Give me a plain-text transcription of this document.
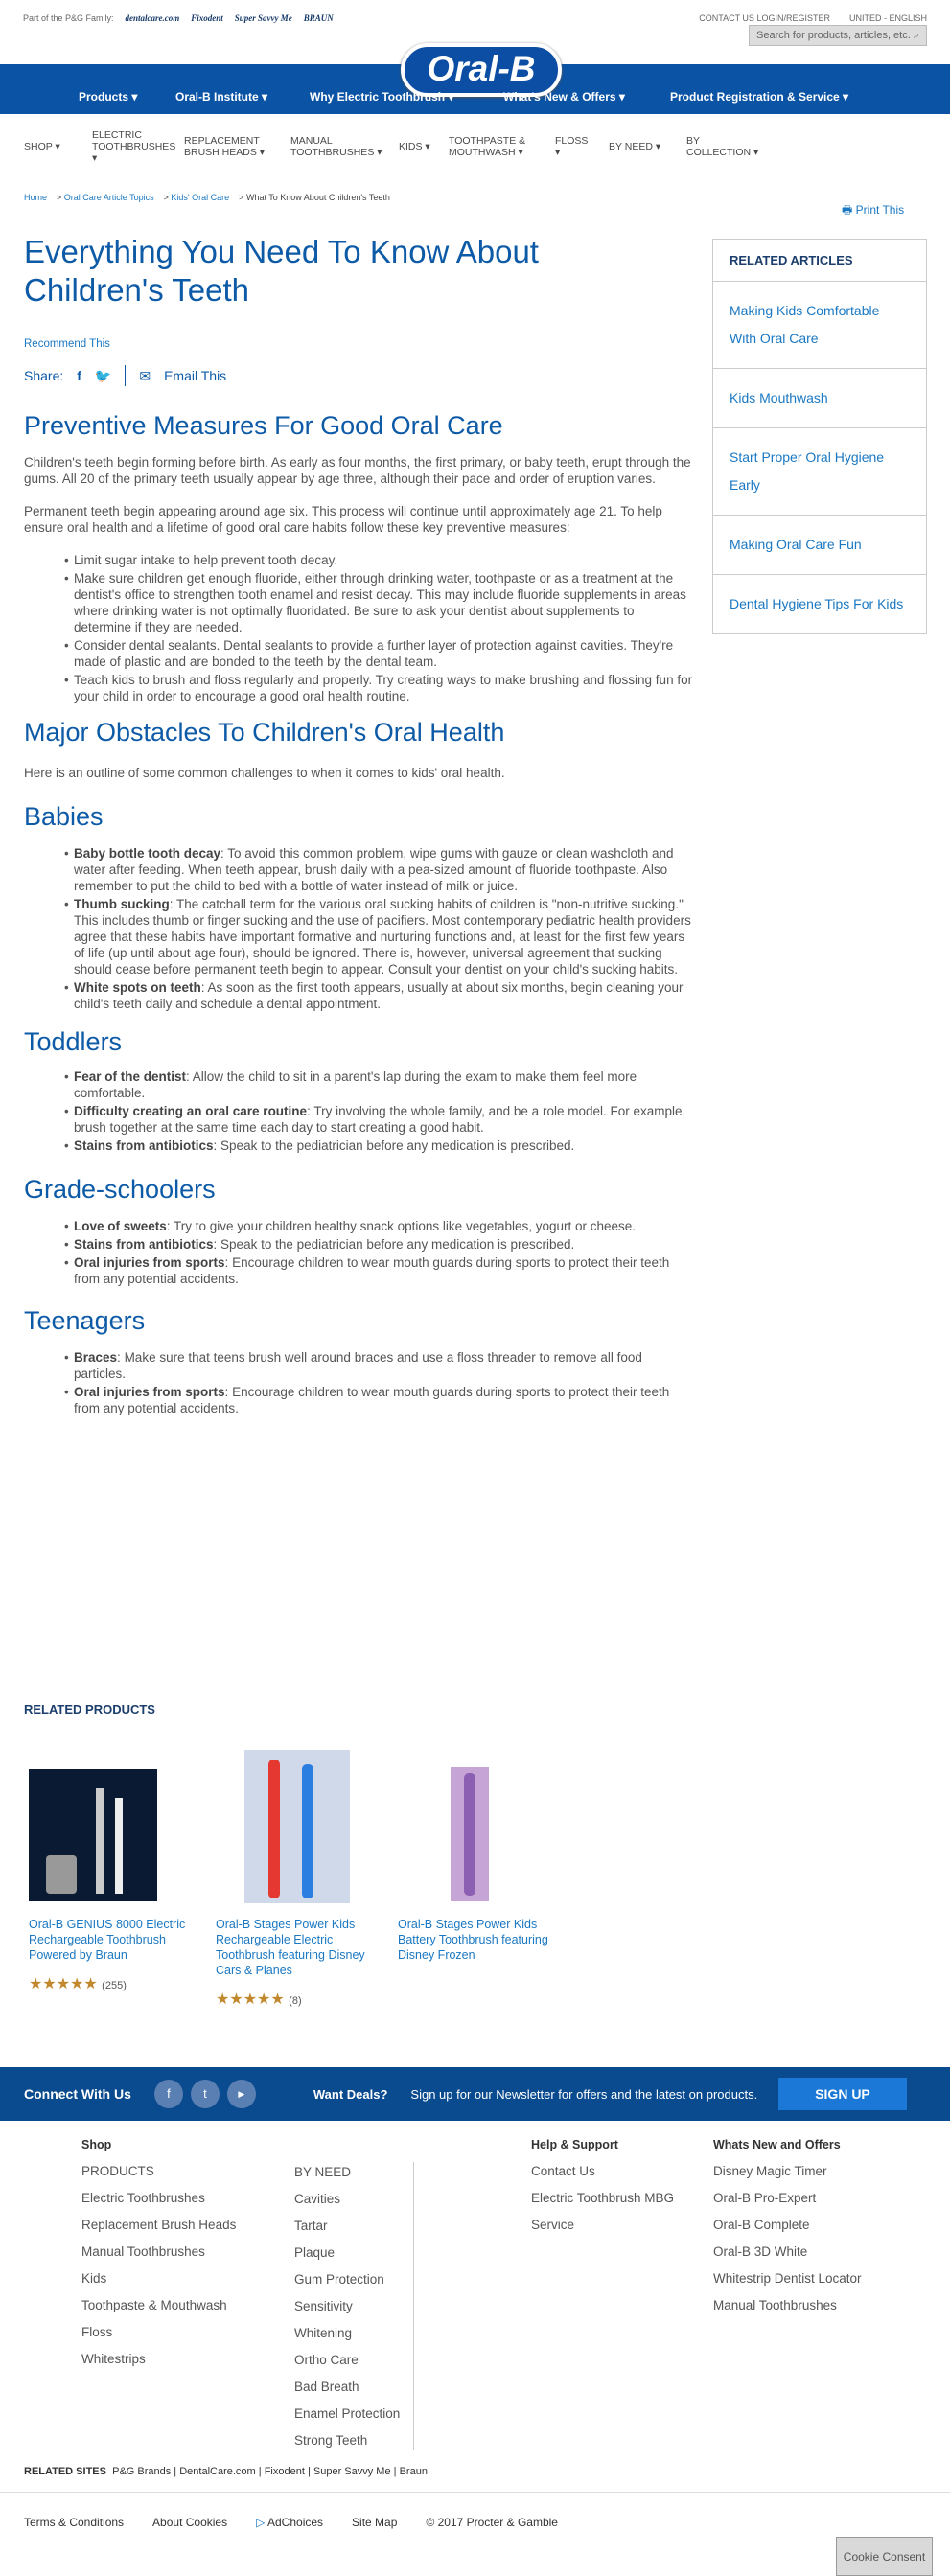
Part of the P&G Family: dentalcare.com Fixodent Super Savvy Me BRAUN	CONTACT US LOGIN/REGISTER UNITED - ENGLISH
Search for products, articles, etc. ⌕
Oral-B
Products ▾	Oral-B Institute ▾	Why Electric Toothbrush ▾	What's New & Offers ▾	Product Registration & Service ▾
SHOP ▾
ELECTRIC TOOTHBRUSHES ▾
REPLACEMENT BRUSH HEADS ▾
MANUAL TOOTHBRUSHES ▾ KIDS ▾	TOOTHPASTE & MOUTHWASH ▾
FLOSS ▾	BY NEED ▾	BY COLLECTION ▾
Home > Oral Care Article Topics > Kids' Oral Care > What To Know About Children's Teeth
🖶 Print This
Everything You Need To Know About Children's Teeth
Recommend This
Share: f 🐦 ✉ Email This
Preventive Measures For Good Oral Care

Children's teeth begin forming before birth. As early as four months, the first primary, or baby teeth, erupt through the gums. All 20 of the primary teeth usually appear by age three, although their pace and order of eruption varies.

Permanent teeth begin appearing around age six. This process will continue until approximately age 21. To help ensure oral health and a lifetime of good oral care habits follow these key preventive measures:

• Limit sugar intake to help prevent tooth decay.
• Make sure children get enough fluoride, either through drinking water, toothpaste or as a treatment at the dentist's office to strengthen tooth enamel and resist decay. This may include fluoride supplements in areas where drinking water is not optimally fluoridated. Be sure to ask your dentist about supplements to determine if they are needed.
• Consider dental sealants. Dental sealants to provide a further layer of protection against cavities. They're made of plastic and are bonded to the teeth by the dental team.
• Teach kids to brush and floss regularly and properly. Try creating ways to make brushing and flossing fun for your child in order to encourage a good oral health routine.
Major Obstacles To Children's Oral Health

Here is an outline of some common challenges to when it comes to kids' oral health.

Babies
• Baby bottle tooth decay: To avoid this common problem, wipe gums with gauze or clean washcloth and water after feeding. When teeth appear, brush daily with a pea-sized amount of fluoride toothpaste. Also remember to put the child to bed with a bottle of water instead of milk or juice.
• Thumb sucking: The catchall term for the various oral sucking habits of children is "non-nutritive sucking." This includes thumb or finger sucking and the use of pacifiers. Most contemporary pediatric health providers agree that these habits have important formative and nurturing functions and, at least for the first few years of life (up until about age four), should be ignored. There is, however, universal agreement that sucking should cease before permanent teeth begin to appear. Consult your dentist on your child's sucking habits.
• White spots on teeth: As soon as the first tooth appears, usually at about six months, begin cleaning your child's teeth daily and schedule a dental appointment.
Toddlers
• Fear of the dentist: Allow the child to sit in a parent's lap during the exam to make them feel more comfortable.
• Difficulty creating an oral care routine: Try involving the whole family, and be a role model. For example, brush together at the same time each day to start creating a good habit.
• Stains from antibiotics: Speak to the pediatrician before any medication is prescribed.
Grade-schoolers
• Love of sweets: Try to give your children healthy snack options like vegetables, yogurt or cheese.
• Stains from antibiotics: Speak to the pediatrician before any medication is prescribed.
• Oral injuries from sports: Encourage children to wear mouth guards during sports to protect their teeth from any potential accidents.
Teenagers
• Braces: Make sure that teens brush well around braces and use a floss threader to remove all food particles.
• Oral injuries from sports: Encourage children to wear mouth guards during sports to protect their teeth from any potential accidents.
RELATED ARTICLES
Making Kids Comfortable With Oral Care
Kids Mouthwash
Start Proper Oral Hygiene Early
Making Oral Care Fun
Dental Hygiene Tips For Kids
RELATED PRODUCTS
Oral-B GENIUS 8000 Electric Rechargeable Toothbrush Powered by Braun
★★★★★ (255)
Oral-B Stages Power Kids Rechargeable Electric Toothbrush featuring Disney Cars & Planes
★★★★★ (8)
Oral-B Stages Power Kids Battery Toothbrush featuring Disney Frozen
Connect With Us	f	t	▶	Want Deals? Sign up for our Newsletter for offers and the latest on products.	SIGN UP
Shop
PRODUCTS
Electric Toothbrushes
Replacement Brush Heads
Manual Toothbrushes
Kids
Toothpaste & Mouthwash
Floss
Whitestrips
BY NEED
Cavities
Tartar
Plaque
Gum Protection
Sensitivity
Whitening
Ortho Care
Bad Breath
Enamel Protection
Strong Teeth
Help & Support
Contact Us
Electric Toothbrush MBG
Service
Whats New and Offers
Disney Magic Timer
Oral-B Pro-Expert
Oral-B Complete
Oral-B 3D White
Whitestrip Dentist Locator
Manual Toothbrushes
RELATED SITES P&G Brands | DentalCare.com | Fixodent | Super Savvy Me | Braun
Terms & Conditions	About Cookies	▷ AdChoices	Site Map	© 2017 Procter & Gamble
Cookie Consent
